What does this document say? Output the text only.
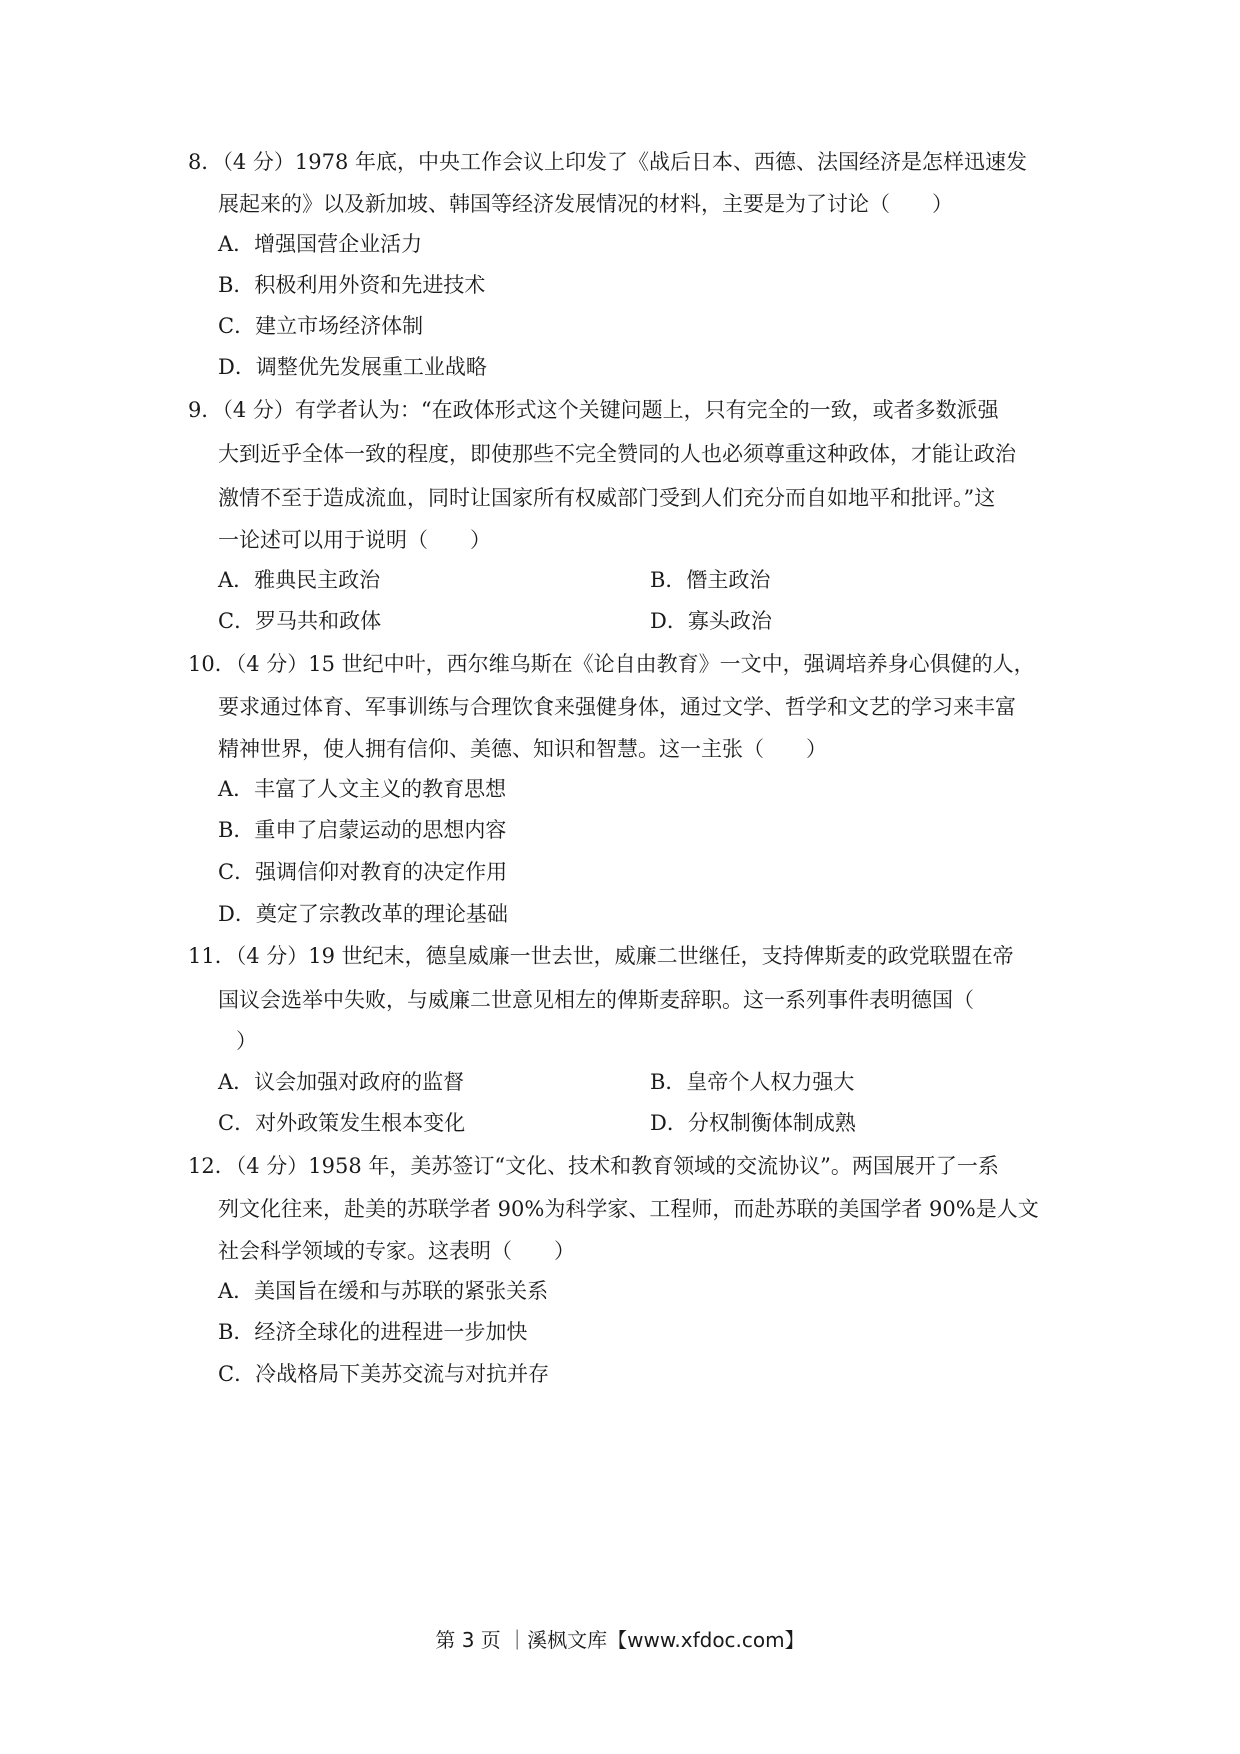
8．（4 分）1978 年底，中央工作会议上印发了《战后日本、西德、法国经济是怎样迅速发
展起来的》以及新加坡、韩国等经济发展情况的材料，主要是为了讨论（　　）
A．增强国营企业活力
B．积极利用外资和先进技术
C．建立市场经济体制
D．调整优先发展重工业战略
9．（4 分）有学者认为：“在政体形式这个关键问题上，只有完全的一致，或者多数派强
大到近乎全体一致的程度，即使那些不完全赞同的人也必须尊重这种政体，才能让政治
激情不至于造成流血，同时让国家所有权威部门受到人们充分而自如地平和批评。”这
一论述可以用于说明（　　）
A．雅典民主政治	B．僭主政治
C．罗马共和政体	D．寡头政治
10．（4 分）15 世纪中叶，西尔维乌斯在《论自由教育》一文中，强调培养身心俱健的人，
要求通过体育、军事训练与合理饮食来强健身体，通过文学、哲学和文艺的学习来丰富
精神世界，使人拥有信仰、美德、知识和智慧。这一主张（　　）
A．丰富了人文主义的教育思想
B．重申了启蒙运动的思想内容
C．强调信仰对教育的决定作用
D．奠定了宗教改革的理论基础
11．（4 分）19 世纪末，德皇威廉一世去世，威廉二世继任，支持俾斯麦的政党联盟在帝
国议会选举中失败，与威廉二世意见相左的俾斯麦辞职。这一系列事件表明德国（
）
A．议会加强对政府的监督	B．皇帝个人权力强大
C．对外政策发生根本变化	D．分权制衡体制成熟
12．（4 分）1958 年，美苏签订“文化、技术和教育领域的交流协议”。两国展开了一系
列文化往来，赴美的苏联学者 90%为科学家、工程师，而赴苏联的美国学者 90%是人文
社会科学领域的专家。这表明（　　）
A．美国旨在缓和与苏联的紧张关系
B．经济全球化的进程进一步加快
C．冷战格局下美苏交流与对抗并存
第 3 页 ｜溪枫文库【www.xfdoc.com】
